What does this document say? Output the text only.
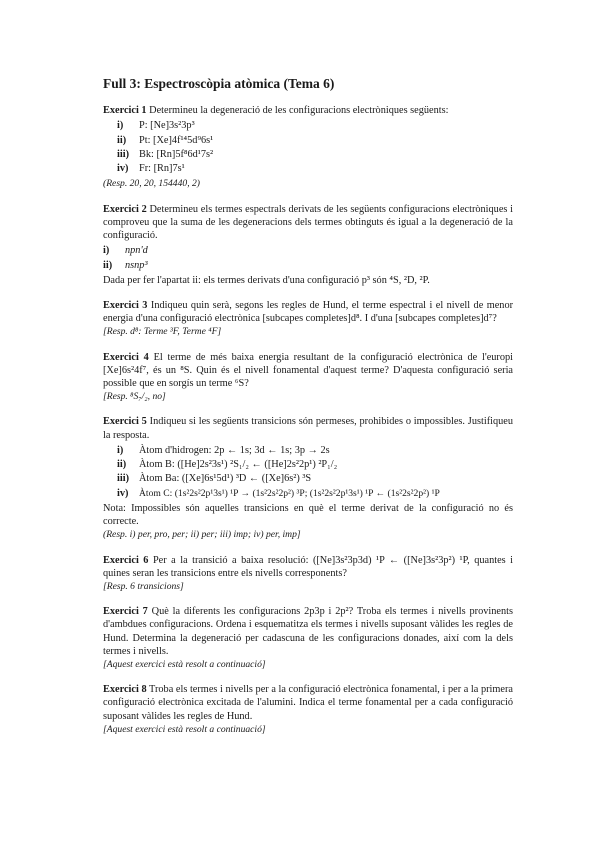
Full 3: Espectroscòpia atòmica (Tema 6)

Exercici 1 Determineu la degeneració de les configuracions electròniques següents:

i)	P: [Ne]3s²3p³
ii)	Pt: [Xe]4f¹⁴5d⁹6s¹
iii) Bk: [Rn]5f⁸6d¹7s²
iv)	Fr: [Rn]7s¹

(Resp. 20, 20, 154440, 2)

Exercici 2 Determineu els termes espectrals derivats de les següents configuracions electròniques i comproveu que la suma de les degeneracions dels termes obtinguts és igual a la degeneració de la configuració.

i)	npn'd
ii)	nsnp³

Dada per fer l'apartat ii: els termes derivats d'una configuració p³ són ⁴S, ²D, ²P.

Exercici 3 Indiqueu quin serà, segons les regles de Hund, el terme espectral i el nivell de menor energia d'una configuració electrònica [subcapes completes]d⁸. I d'una [subcapes completes]d⁷?

[Resp. d⁸: Terme ³F, Terme ⁴F]

Exercici 4 El terme de més baixa energia resultant de la configuració electrònica de l'europi [Xe]6s²4f⁷, és un ⁸S. Quin és el nivell fonamental d'aquest terme? D'aquesta configuració seria possible que en sorgís un terme ⁶S?

[Resp. ⁸S₇/₂, no]

Exercici 5 Indiqueu si les següents transicions són permeses, prohibides o impossibles. Justifiqueu la resposta.

i)	Àtom d'hidrogen: 2p ← 1s; 3d ← 1s; 3p → 2s
ii)	Àtom B: ([He]2s²3s¹) ²S₁/₂ ← ([He]2s²2p¹) ²P₁/₂
iii) Àtom Ba: ([Xe]6s¹5d¹) ³D ← ([Xe]6s²) ³S
iv)	Àtom C: (1s²2s²2p¹3s¹) ¹P → (1s²2s²2p²) ³P; (1s²2s²2p¹3s¹) ¹P ← (1s²2s²2p²) ¹P

Nota: Impossibles són aquelles transicions en què el terme derivat de la configuració no és correcte.

(Resp. i) per, pro, per; ii) per; iii) imp; iv) per, imp]

Exercici 6 Per a la transició a baixa resolució: ([Ne]3s²3p3d) ¹P ← ([Ne]3s²3p²) ¹P, quantes i quines seran les transicions entre els nivells corresponents?

[Resp. 6 transicions]

Exercici 7 Què la diferents les configuracions 2p3p i 2p²? Troba els termes i nivells provinents d'ambdues configuracions. Ordena i esquematitza els termes i nivells suposant vàlides les regles de Hund. Determina la degeneració per cadascuna de les configuracions donades, així com la dels termes i nivells.

[Aquest exercici està resolt a continuació]

Exercici 8 Troba els termes i nivells per a la configuració electrònica fonamental, i per a la primera configuració electrònica excitada de l'alumini. Indica el terme fonamental per a cada configuració suposant vàlides les regles de Hund.

[Aquest exercici està resolt a continuació]
